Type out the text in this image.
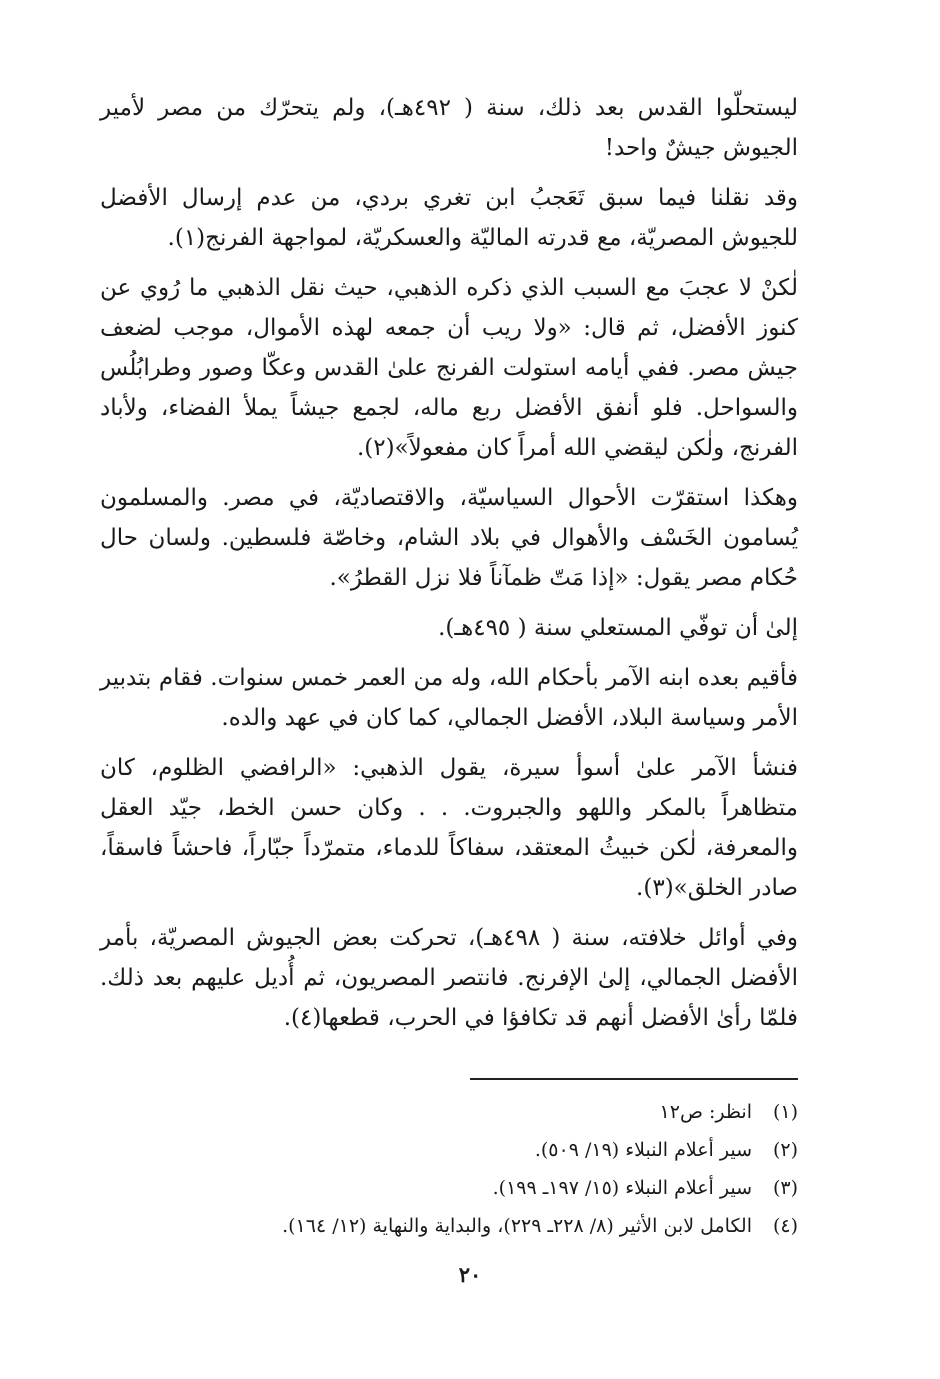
ليستحلّوا القدس بعد ذلك، سنة ( ٤٩٢هـ)، ولم يتحرّك من مصر لأمير الجيوش جيشٌ واحد!

وقد نقلنا فيما سبق تَعَجبُ ابن تغري بردي، من عدم إرسال الأفضل للجيوش المصريّة، مع قدرته الماليّة والعسكريّة، لمواجهة الفرنج(١).

لٰكنْ لا عجبَ مع السبب الذي ذكره الذهبي، حيث نقل الذهبي ما رُوي عن كنوز الأفضل، ثم قال: «ولا ريب أن جمعه لهذه الأموال، موجب لضعف جيش مصر. ففي أيامه استولت الفرنج علىٰ القدس وعكّا وصور وطرابُلُس والسواحل. فلو أنفق الأفضل ربع ماله، لجمع جيشاً يملأ الفضاء، ولأباد الفرنج، ولٰكن ليقضي الله أمراً كان مفعولاً»(٢).

وهكذا استقرّت الأحوال السياسيّة، والاقتصاديّة، في مصر. والمسلمون يُسامون الخَسْف والأهوال في بلاد الشام، وخاصّة فلسطين. ولسان حال حُكام مصر يقول: «إذا مَتّ ظمآناً فلا نزل القطرُ».

إلىٰ أن توفّي المستعلي سنة ( ٤٩٥هـ).

فأقيم بعده ابنه الآمر بأحكام الله، وله من العمر خمس سنوات. فقام بتدبير الأمر وسياسة البلاد، الأفضل الجمالي، كما كان في عهد والده.

فنشأ الآمر علىٰ أسوأ سيرة، يقول الذهبي: «الرافضي الظلوم، كان متظاهراً بالمكر واللهو والجبروت. . . وكان حسن الخط، جيّد العقل والمعرفة، لٰكن خبيثُ المعتقد، سفاكاً للدماء، متمرّداً جبّاراً، فاحشاً فاسقاً، صادر الخلق»(٣).

وفي أوائل خلافته، سنة ( ٤٩٨هـ)، تحركت بعض الجيوش المصريّة، بأمر الأفضل الجمالي، إلىٰ الإفرنج. فانتصر المصريون، ثم أُديل عليهم بعد ذلك. فلمّا رأىٰ الأفضل أنهم قد تكافؤا في الحرب، قطعها(٤).

(١)انظر: ص١٢
(٢)سير أعلام النبلاء (١٩/ ٥٠٩).
(٣)سير أعلام النبلاء (١٥/ ١٩٧ـ ١٩٩).
(٤)الكامل لابن الأثير (٨/ ٢٢٨ـ ٢٢٩)، والبداية والنهاية (١٢/ ١٦٤).
٢٠
